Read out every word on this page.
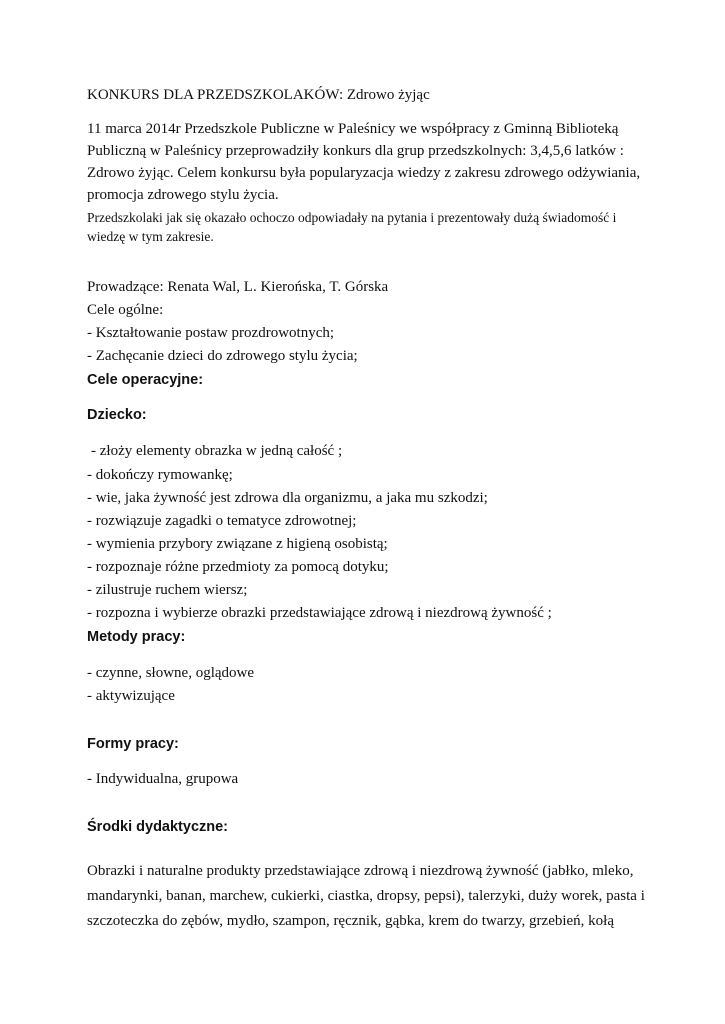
KONKURS DLA PRZEDSZKOLAKÓW: Zdrowo żyjąc
11 marca 2014r Przedszkole Publiczne w Paleśnicy we współpracy z Gminną Biblioteką
Publiczną w Paleśnicy przeprowadziły konkurs dla grup przedszkolnych: 3,4,5,6 latków :
Zdrowo żyjąc. Celem konkursu była popularyzacja wiedzy z zakresu zdrowego odżywiania,
promocja zdrowego stylu życia.
Przedszkolaki jak się okazało ochoczo odpowiadały na pytania i prezentowały dużą świadomość i
wiedzę w tym zakresie.
Prowadzące: Renata Wal, L. Kierońska, T. Górska
Cele ogólne:
- Kształtowanie postaw prozdrowotnych;
- Zachęcanie dzieci do zdrowego stylu życia;
Cele operacyjne:
Dziecko:
- złoży elementy obrazka w jedną całość ;
- dokończy rymowankę;
- wie, jaka żywność jest zdrowa dla organizmu, a jaka mu szkodzi;
- rozwiązuje zagadki o tematyce zdrowotnej;
- wymienia przybory związane z higieną osobistą;
- rozpoznaje różne przedmioty za pomocą dotyku;
- zilustruje ruchem wiersz;
- rozpozna i wybierze obrazki przedstawiające zdrową i niezdrową żywność ;
Metody pracy:
- czynne, słowne, oglądowe
- aktywizujące
Formy pracy:
- Indywidualna, grupowa
Środki dydaktyczne:
Obrazki i naturalne produkty przedstawiające zdrową i niezdrową żywność (jabłko, mleko,
mandarynki, banan, marchew, cukierki, ciastka, dropsy, pepsi), talerzyki, duży worek, pasta i
szczoteczka do zębów, mydło, szampon, ręcznik, gąbka, krem do twarzy, grzebień, kołą
